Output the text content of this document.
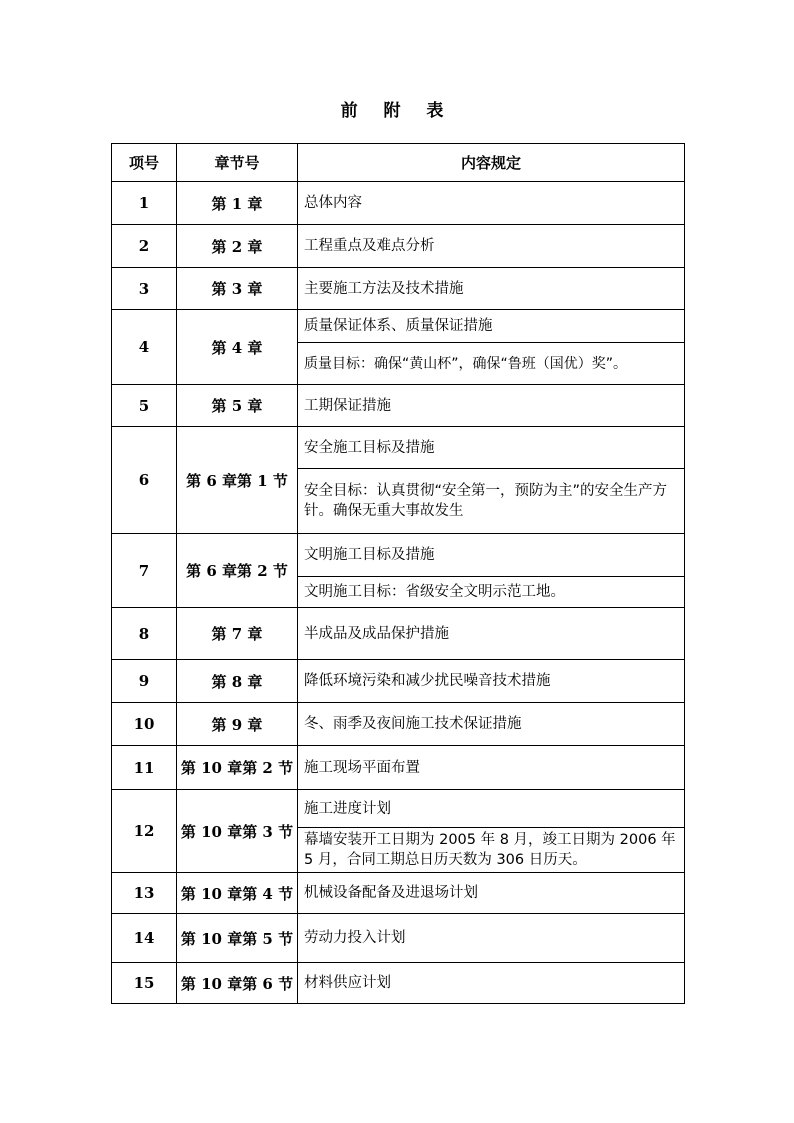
前 附 表
项号	章节号	内容规定
1	第 1 章	总体内容
2	第 2 章	工程重点及难点分析
3	第 3 章	主要施工方法及技术措施
4	第 4 章	质量保证体系、质量保证措施
		质量目标：确保“黄山杯”，确保“鲁班（国优）奖”。
5	第 5 章	工期保证措施
6	第 6 章第 1 节	安全施工目标及措施
		安全目标：认真贯彻“安全第一，预防为主”的安全生产方针。确保无重大事故发生
7	第 6 章第 2 节	文明施工目标及措施
		文明施工目标：省级安全文明示范工地。
8	第 7 章	半成品及成品保护措施
9	第 8 章	降低环境污染和减少扰民噪音技术措施
10	第 9 章	冬、雨季及夜间施工技术保证措施
11	第 10 章第 2 节	施工现场平面布置
12	第 10 章第 3 节	施工进度计划
		幕墙安装开工日期为 2005 年 8 月，竣工日期为 2006 年 5 月，合同工期总日历天数为 306 日历天。
13	第 10 章第 4 节	机械设备配备及进退场计划
14	第 10 章第 5 节	劳动力投入计划
15	第 10 章第 6 节	材料供应计划
